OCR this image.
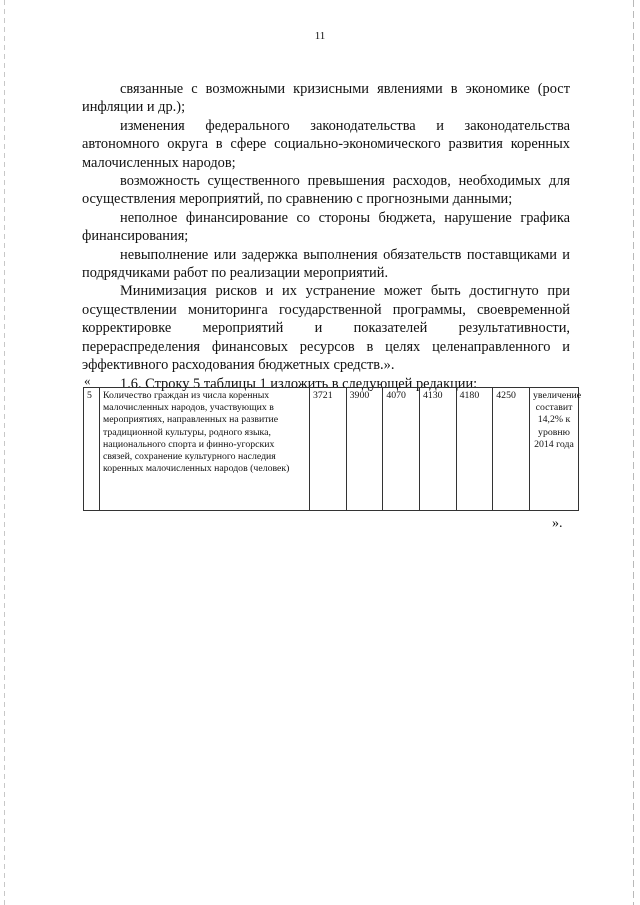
11

связанные с возможными кризисными явлениями в экономике (рост инфляции и др.);

изменения федерального законодательства и законодательства автономного округа в сфере социально-экономического развития коренных малочисленных народов;

возможность существенного превышения расходов, необходимых для осуществления мероприятий, по сравнению с прогнозными данными;

неполное финансирование со стороны бюджета, нарушение графика финансирования;

невыполнение или задержка выполнения обязательств поставщиками и подрядчиками работ по реализации мероприятий.

Минимизация рисков и их устранение может быть достигнуто при осуществлении мониторинга государственной программы, своевременной корректировке мероприятий и показателей результативности, перераспределения финансовых ресурсов в целях целенаправленного и эффективного расходования бюджетных средств.».

1.6. Строку 5 таблицы 1 изложить в следующей редакции:

«
5	Количество граждан из числа коренных малочисленных народов, участвующих в мероприятиях, направленных на развитие традиционной культуры, родного языка, национального спорта и финно-угорских связей, сохранение культурного наследия коренных малочисленных народов (человек)	3721	3900	4070	4130	4180	4250	увеличение составит 14,2% к уровню 2014 года
».
